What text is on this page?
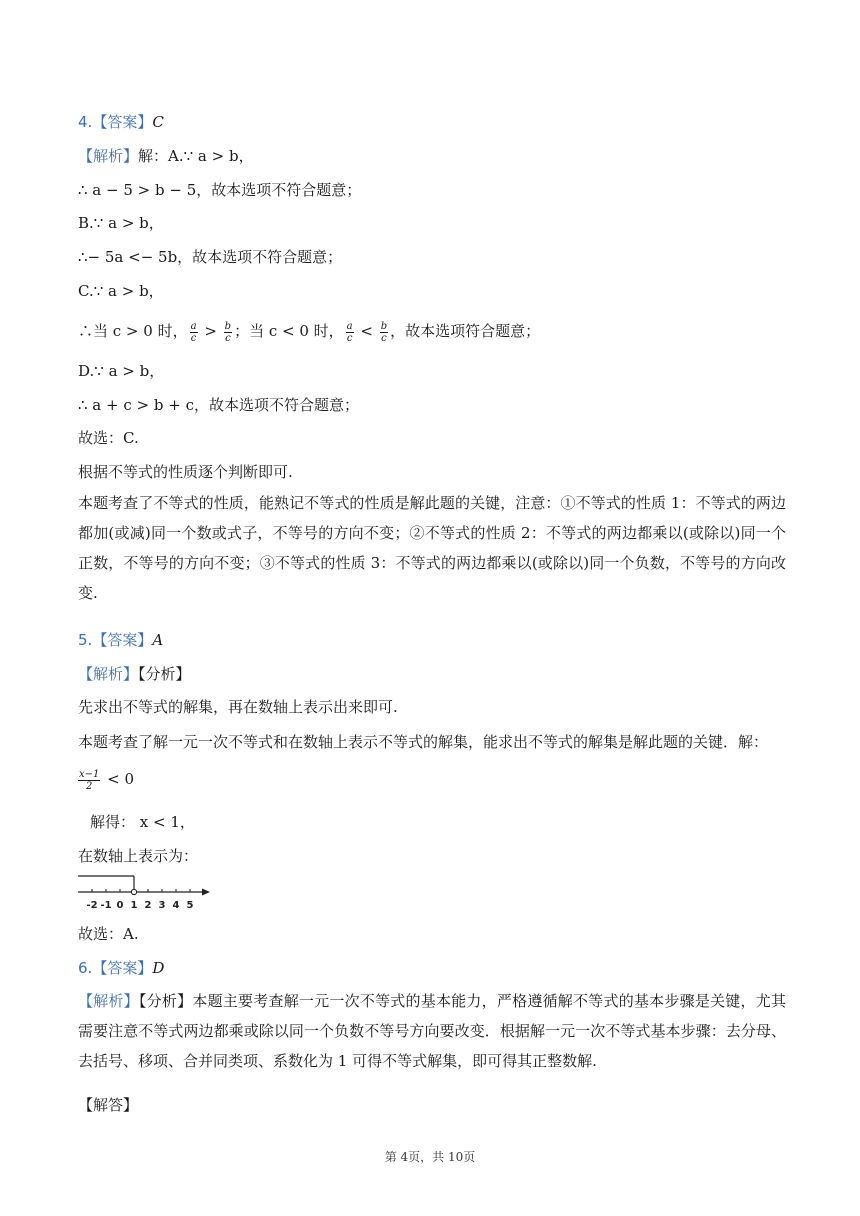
4.【答案】C
【解析】解：A.∵ a > b，
∴ a − 5 > b − 5，故本选项不符合题意；
B.∵ a > b，
∴− 5a <− 5b，故本选项不符合题意；
C.∵ a > b，
∴当 c > 0 时， $\frac{a}{c} > \frac{b}{c}$ ；当 c < 0 时， $\frac{a}{c} < \frac{b}{c}$ ，故本选项符合题意；
D.∵ a > b，
∴ a + c > b + c，故本选项不符合题意；
故选：C.
根据不等式的性质逐个判断即可.
本题考查了不等式的性质，能熟记不等式的性质是解此题的关键，注意：①不等式的性质 1：不等式的两边都加(或减)同一个数或式子，不等号的方向不变；②不等式的性质 2：不等式的两边都乘以(或除以)同一个正数，不等号的方向不变；③不等式的性质 3：不等式的两边都乘以(或除以)同一个负数，不等号的方向改变.
5.【答案】A
【解析】【分析】
先求出不等式的解集，再在数轴上表示出来即可.
本题考查了解一元一次不等式和在数轴上表示不等式的解集，能求出不等式的解集是解此题的关键．解：
$\frac{x-1}{2} < 0$
解得： x < 1，
在数轴上表示为：
-2 -1 0 1 2 3 4 5
故选：A.
6.【答案】D
【解析】【分析】本题主要考查解一元一次不等式的基本能力，严格遵循解不等式的基本步骤是关键，尤其需要注意不等式两边都乘或除以同一个负数不等号方向要改变．根据解一元一次不等式基本步骤：去分母、去括号、移项、合并同类项、系数化为 1 可得不等式解集，即可得其正整数解.
【解答】
第 4页，共 10页
